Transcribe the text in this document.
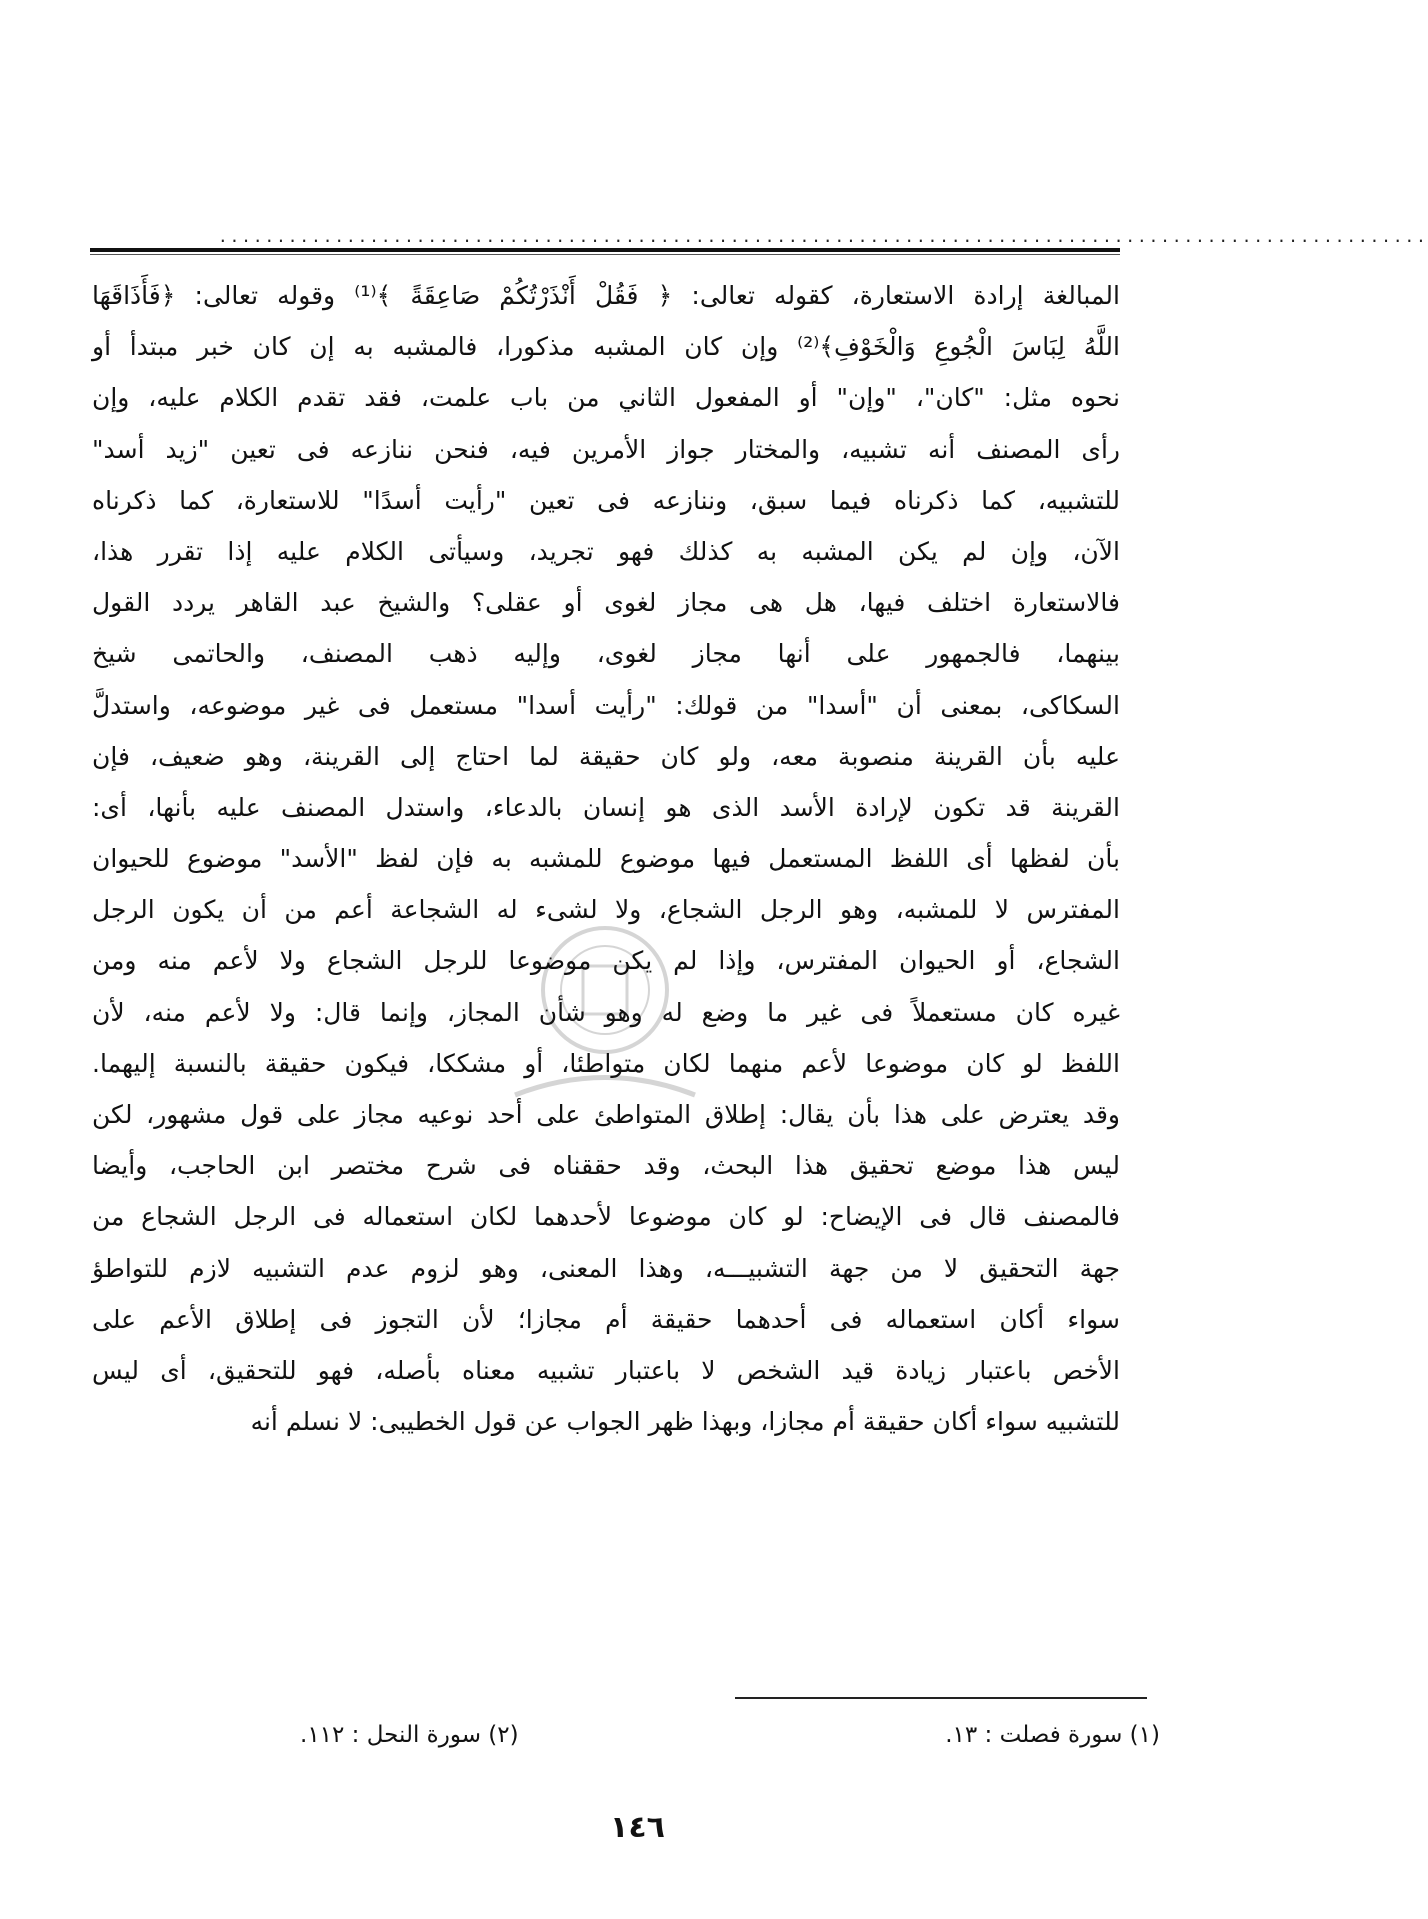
........................................................................................................
المبالغة إرادة الاستعارة، كقوله تعالى: ﴿ فَقُلْ أَنْذَرْتُكُمْ صَاعِقَةً ﴾⁽¹⁾ وقوله تعالى: ﴿فَأَذَاقَهَا
اللَّهُ لِبَاسَ الْجُوعِ وَالْخَوْفِ﴾⁽²⁾ وإن كان المشبه مذكورا، فالمشبه به إن كان خبر مبتدأ أو
نحوه مثل: "كان"، "وإن" أو المفعول الثاني من باب علمت، فقد تقدم الكلام عليه، وإن
رأى المصنف أنه تشبيه، والمختار جواز الأمرين فيه، فنحن ننازعه فى تعين "زيد أسد"
للتشبيه، كما ذكرناه فيما سبق، وننازعه فى تعين "رأيت أسدًا" للاستعارة، كما ذكرناه
الآن، وإن لم يكن المشبه به كذلك فهو تجريد، وسيأتى الكلام عليه إذا تقرر هذا،
فالاستعارة اختلف فيها، هل هى مجاز لغوى أو عقلى؟ والشيخ عبد القاهر يردد القول
بينهما، فالجمهور على أنها مجاز لغوى، وإليه ذهب المصنف، والحاتمى شيخ
السكاكى، بمعنى أن "أسدا" من قولك: "رأيت أسدا" مستعمل فى غير موضوعه، واستدلَّ
عليه بأن القرينة منصوبة معه، ولو كان حقيقة لما احتاج إلى القرينة، وهو ضعيف، فإن
القرينة قد تكون لإرادة الأسد الذى هو إنسان بالدعاء، واستدل المصنف عليه بأنها، أى:
بأن لفظها أى اللفظ المستعمل فيها موضوع للمشبه به فإن لفظ "الأسد" موضوع للحيوان
المفترس لا للمشبه، وهو الرجل الشجاع، ولا لشىء له الشجاعة أعم من أن يكون الرجل
الشجاع، أو الحيوان المفترس، وإذا لم يكن موضوعا للرجل الشجاع ولا لأعم منه ومن
غيره كان مستعملاً فى غير ما وضع له وهو شأن المجاز، وإنما قال: ولا لأعم منه، لأن
اللفظ لو كان موضوعا لأعم منهما لكان متواطئا، أو مشككا، فيكون حقيقة بالنسبة إليهما.
وقد يعترض على هذا بأن يقال: إطلاق المتواطئ على أحد نوعيه مجاز على قول مشهور، لكن
ليس هذا موضع تحقيق هذا البحث، وقد حققناه فى شرح مختصر ابن الحاجب، وأيضا
فالمصنف قال فى الإيضاح: لو كان موضوعا لأحدهما لكان استعماله فى الرجل الشجاع من
جهة التحقيق لا من جهة التشبيـــه، وهذا المعنى، وهو لزوم عدم التشبيه لازم للتواطؤ
سواء أكان استعماله فى أحدهما حقيقة أم مجازا؛ لأن التجوز فى إطلاق الأعم على
الأخص باعتبار زيادة قيد الشخص لا باعتبار تشبيه معناه بأصله، فهو للتحقيق، أى ليس
للتشبيه سواء أكان حقيقة أم مجازا، وبهذا ظهر الجواب عن قول الخطيبى: لا نسلم أنه
(١) سورة فصلت : ١٣.
(٢) سورة النحل : ١١٢.
١٤٦
